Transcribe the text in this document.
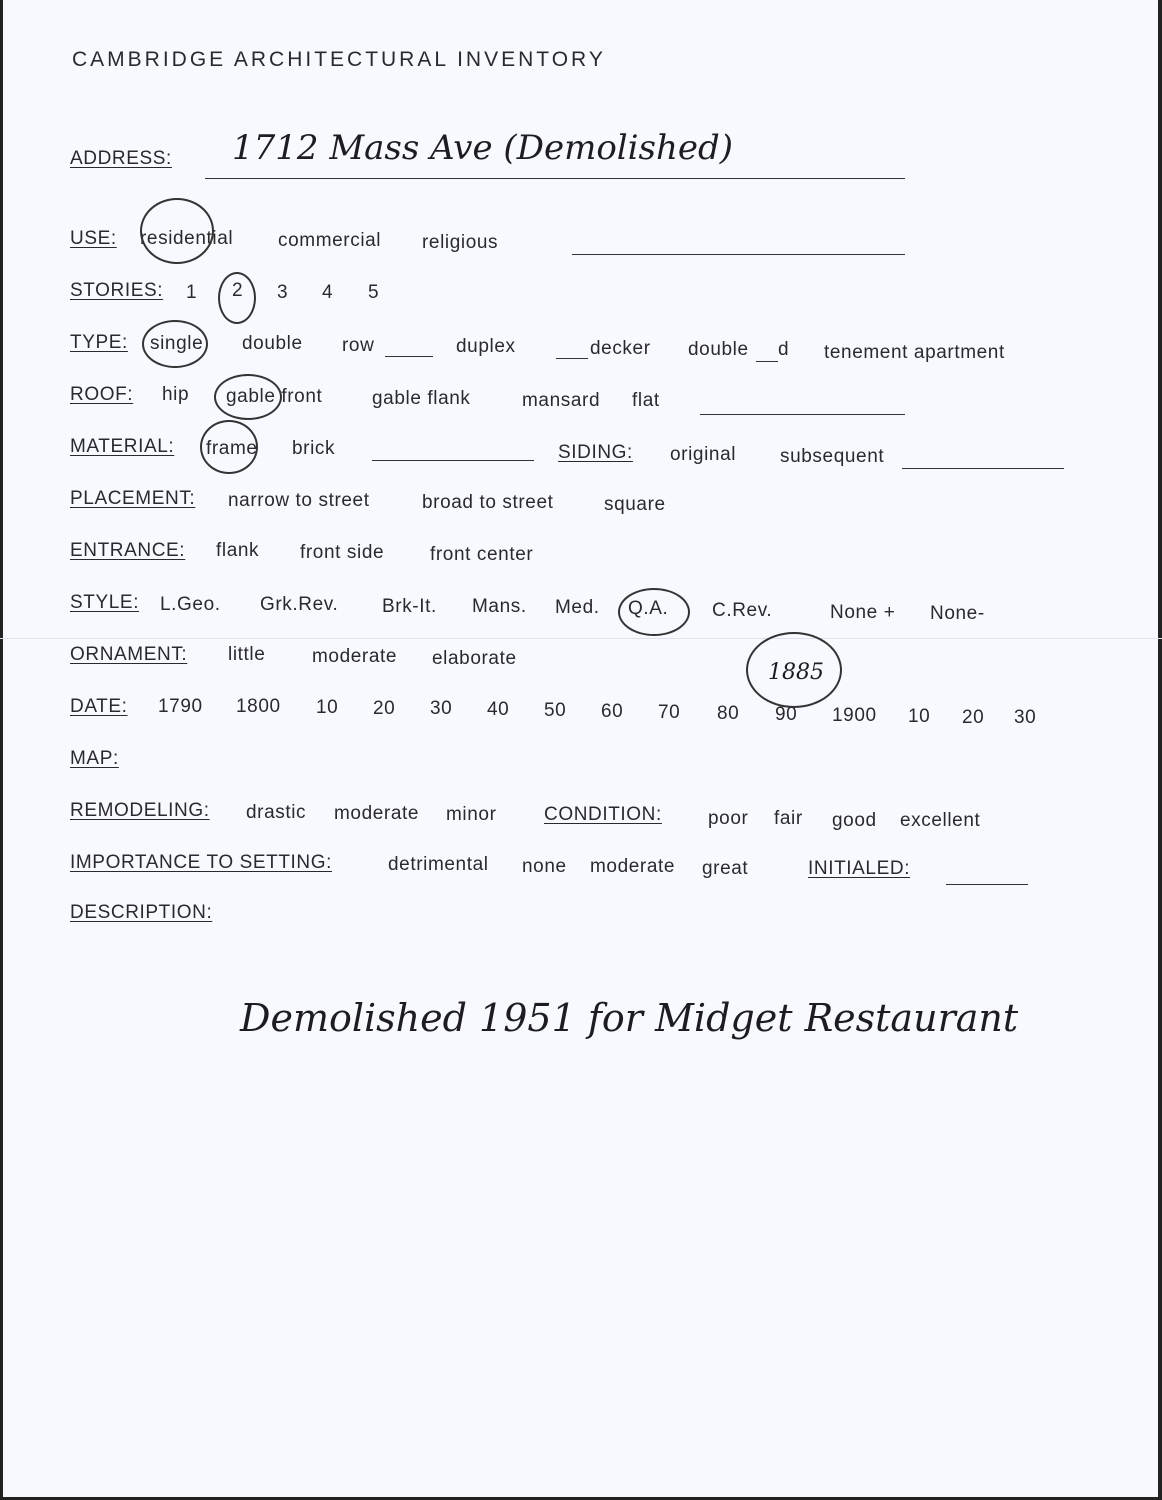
CAMBRIDGE ARCHITECTURAL INVENTORY
ADDRESS: 1712 Mass Ave (Demolished)
USE: residential commercial religious
STORIES: 1 2 3 4 5
TYPE: single double row	duplex	decker double d tenement apartment
ROOF: hip gable front	gable flank	mansard flat
MATERIAL: frame brick	SIDING: original subsequent
PLACEMENT: narrow to street	broad to street	square
ENTRANCE: flank front side front center
STYLE: L.Geo. Grk.Rev. Brk-It. Mans. Med. Q.A. C.Rev.	None + None-
ORNAMENT: little moderate elaborate
DATE: 1790 1800 10 20 30 40 50 60 70 80 90 1900 10 20 30
1885
MAP:
REMODELING: drastic moderate minor CONDITION: poor fair good excellent
IMPORTANCE TO SETTING:	detrimental none moderate great	INITIALED:
DESCRIPTION:
Demolished 1951 for Midget Restaurant
